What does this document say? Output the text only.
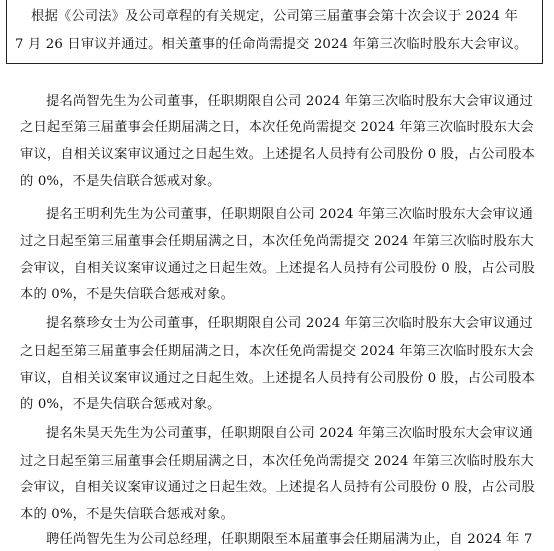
根据《公司法》及公司章程的有关规定，公司第三届董事会第十次会议于 2024 年
7 月 26 日审议并通过。相关董事的任命尚需提交 2024 年第三次临时股东大会审议。
提名尚智先生为公司董事，任职期限自公司 2024 年第三次临时股东大会审议通过
之日起至第三届董事会任期届满之日，本次任免尚需提交 2024 年第三次临时股东大会
审议，自相关议案审议通过之日起生效。上述提名人员持有公司股份 0 股，占公司股本
的 0%，不是失信联合惩戒对象。
提名王明利先生为公司董事，任职期限自公司 2024 年第三次临时股东大会审议通
过之日起至第三届董事会任期届满之日，本次任免尚需提交 2024 年第三次临时股东大
会审议，自相关议案审议通过之日起生效。上述提名人员持有公司股份 0 股，占公司股
本的 0%，不是失信联合惩戒对象。
提名蔡珍女士为公司董事，任职期限自公司 2024 年第三次临时股东大会审议通过
之日起至第三届董事会任期届满之日，本次任免尚需提交 2024 年第三次临时股东大会
审议，自相关议案审议通过之日起生效。上述提名人员持有公司股份 0 股，占公司股本
的 0%，不是失信联合惩戒对象。
提名朱昊天先生为公司董事，任职期限自公司 2024 年第三次临时股东大会审议通
过之日起至第三届董事会任期届满之日，本次任免尚需提交 2024 年第三次临时股东大
会审议，自相关议案审议通过之日起生效。上述提名人员持有公司股份 0 股，占公司股
本的 0%，不是失信联合惩戒对象。
聘任尚智先生为公司总经理，任职期限至本届董事会任期届满为止，自 2024 年 7
